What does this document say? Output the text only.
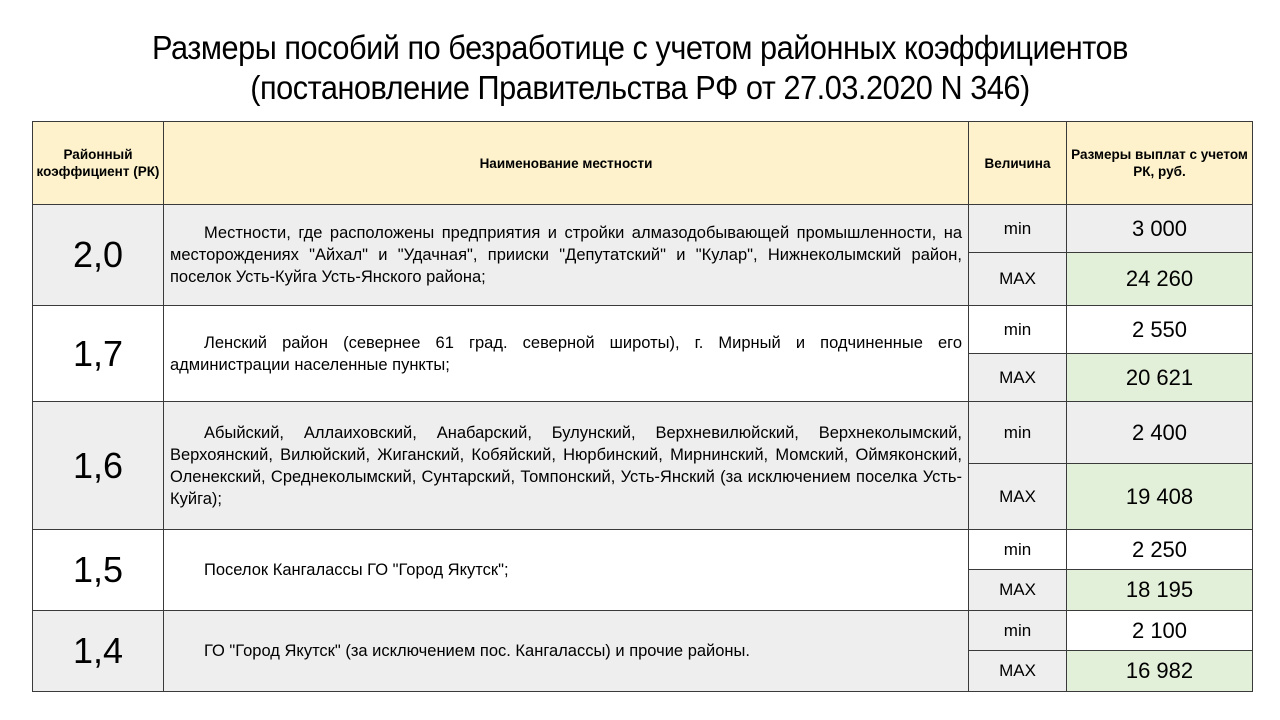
Размеры пособий по безработице с учетом районных коэффициентов
(постановление Правительства РФ от 27.03.2020 N 346)
Районный коэффициент (РК)	Наименование местности	Величина	Размеры выплат с учетом РК, руб.
2,0	Местности, где расположены предприятия и стройки алмазодобывающей промышленности, на месторождениях "Айхал" и "Удачная", прииски "Депутатский" и "Кулар", Нижнеколымский район, поселок Усть-Куйга Усть-Янского района;	min	3 000
		MAX	24 260
1,7	Ленский район (севернее 61 град. северной широты), г. Мирный и подчиненные его администрации населенные пункты;	min	2 550
		MAX	20 621
1,6	Абыйский, Аллаиховский, Анабарский, Булунский, Верхневилюйский, Верхнеколымский, Верхоянский, Вилюйский, Жиганский, Кобяйский, Нюрбинский, Мирнинский, Момский, Оймяконский, Оленекский, Среднеколымский, Сунтарский, Томпонский, Усть-Янский (за исключением поселка Усть-Куйга);	min	2 400
		MAX	19 408
1,5	Поселок Кангалассы ГО "Город Якутск";	min	2 250
		MAX	18 195
1,4	ГО "Город Якутск" (за исключением пос. Кангалассы) и прочие районы.	min	2 100
		MAX	16 982
